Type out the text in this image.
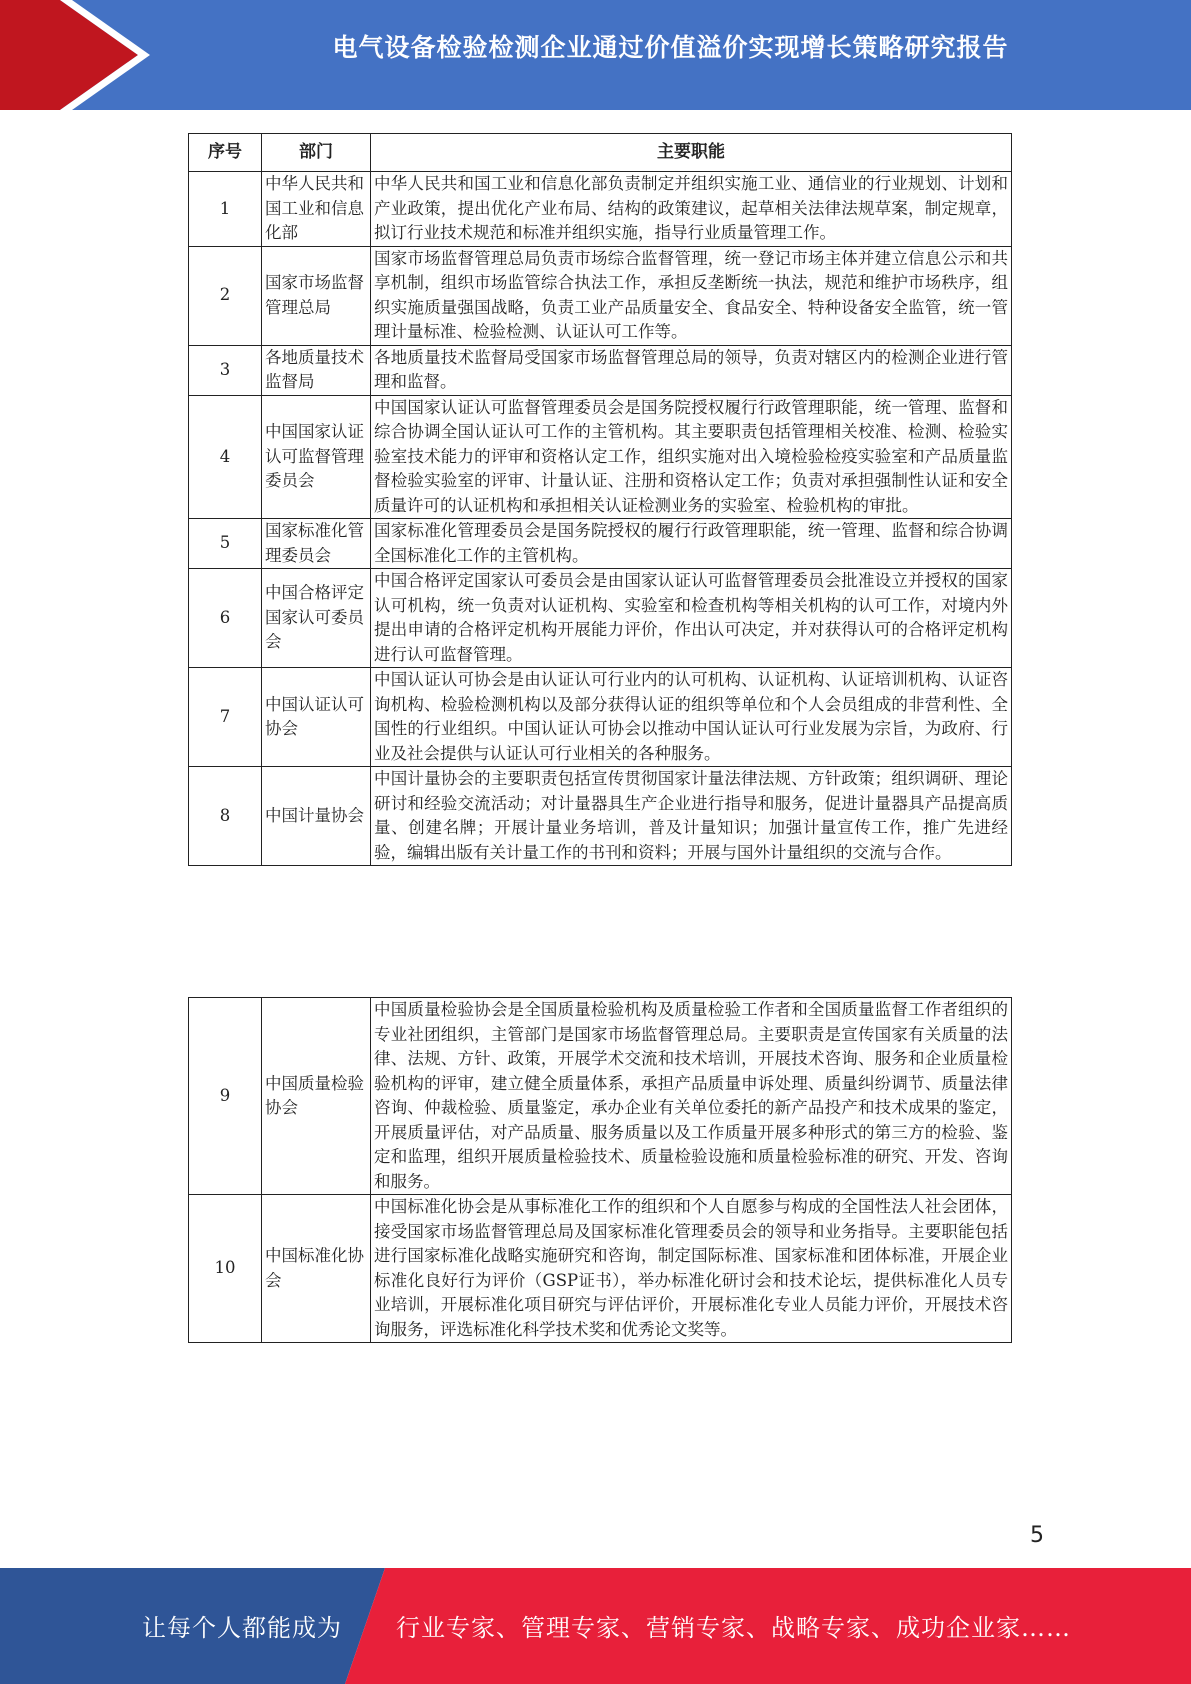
电气设备检验检测企业通过价值溢价实现增长策略研究报告
序号	部门	主要职能
1	中华人民共和国工业和信息化部	中华人民共和国工业和信息化部负责制定并组织实施工业、通信业的行业规划、计划和产业政策，提出优化产业布局、结构的政策建议，起草相关法律法规草案，制定规章，拟订行业技术规范和标准并组织实施，指导行业质量管理工作。
2	国家市场监督管理总局	国家市场监督管理总局负责市场综合监督管理，统一登记市场主体并建立信息公示和共享机制，组织市场监管综合执法工作，承担反垄断统一执法，规范和维护市场秩序，组织实施质量强国战略，负责工业产品质量安全、食品安全、特种设备安全监管，统一管理计量标准、检验检测、认证认可工作等。
3	各地质量技术监督局	各地质量技术监督局受国家市场监督管理总局的领导，负责对辖区内的检测企业进行管理和监督。
4	中国国家认证认可监督管理委员会	中国国家认证认可监督管理委员会是国务院授权履行行政管理职能，统一管理、监督和综合协调全国认证认可工作的主管机构。其主要职责包括管理相关校准、检测、检验实验室技术能力的评审和资格认定工作，组织实施对出入境检验检疫实验室和产品质量监督检验实验室的评审、计量认证、注册和资格认定工作；负责对承担强制性认证和安全质量许可的认证机构和承担相关认证检测业务的实验室、检验机构的审批。
5	国家标准化管理委员会	国家标准化管理委员会是国务院授权的履行行政管理职能，统一管理、监督和综合协调全国标准化工作的主管机构。
6	中国合格评定国家认可委员会	中国合格评定国家认可委员会是由国家认证认可监督管理委员会批准设立并授权的国家认可机构，统一负责对认证机构、实验室和检查机构等相关机构的认可工作，对境内外提出申请的合格评定机构开展能力评价，作出认可决定，并对获得认可的合格评定机构进行认可监督管理。
7	中国认证认可协会	中国认证认可协会是由认证认可行业内的认可机构、认证机构、认证培训机构、认证咨询机构、检验检测机构以及部分获得认证的组织等单位和个人会员组成的非营利性、全国性的行业组织。中国认证认可协会以推动中国认证认可行业发展为宗旨，为政府、行业及社会提供与认证认可行业相关的各种服务。
8	中国计量协会	中国计量协会的主要职责包括宣传贯彻国家计量法律法规、方针政策；组织调研、理论研讨和经验交流活动；对计量器具生产企业进行指导和服务，促进计量器具产品提高质量、创建名牌；开展计量业务培训，普及计量知识；加强计量宣传工作，推广先进经验，编辑出版有关计量工作的书刊和资料；开展与国外计量组织的交流与合作。
9	中国质量检验协会	中国质量检验协会是全国质量检验机构及质量检验工作者和全国质量监督工作者组织的专业社团组织，主管部门是国家市场监督管理总局。主要职责是宣传国家有关质量的法律、法规、方针、政策，开展学术交流和技术培训，开展技术咨询、服务和企业质量检验机构的评审，建立健全质量体系，承担产品质量申诉处理、质量纠纷调节、质量法律咨询、仲裁检验、质量鉴定，承办企业有关单位委托的新产品投产和技术成果的鉴定，开展质量评估，对产品质量、服务质量以及工作质量开展多种形式的第三方的检验、鉴定和监理，组织开展质量检验技术、质量检验设施和质量检验标准的研究、开发、咨询和服务。
10	中国标准化协会	中国标准化协会是从事标准化工作的组织和个人自愿参与构成的全国性法人社会团体，接受国家市场监督管理总局及国家标准化管理委员会的领导和业务指导。主要职能包括进行国家标准化战略实施研究和咨询，制定国际标准、国家标准和团体标准，开展企业标准化良好行为评价（GSP证书），举办标准化研讨会和技术论坛，提供标准化人员专业培训，开展标准化项目研究与评估评价，开展标准化专业人员能力评价，开展技术咨询服务，评选标准化科学技术奖和优秀论文奖等。
5
让每个人都能成为 行业专家、管理专家、营销专家、战略专家、成功企业家……
